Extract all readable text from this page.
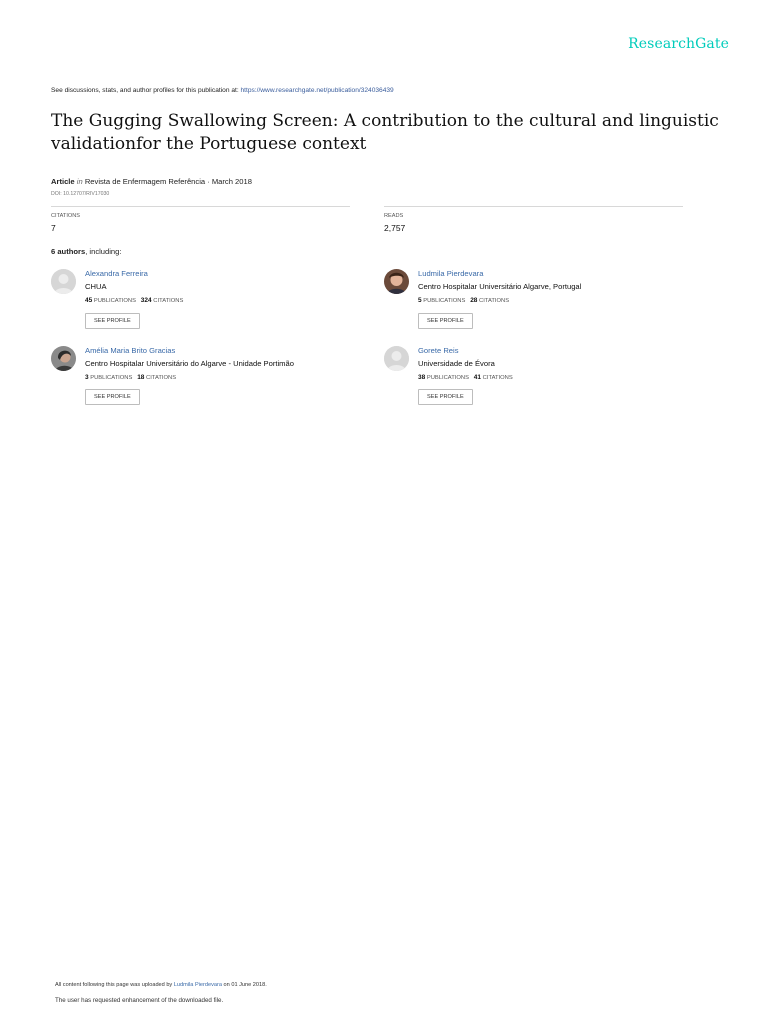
ResearchGate
See discussions, stats, and author profiles for this publication at: https://www.researchgate.net/publication/324036439
The Gugging Swallowing Screen: A contribution to the cultural and linguistic validationfor the Portuguese context
Article in Revista de Enfermagem Referência · March 2018
DOI: 10.12707/RIV17030
CITATIONS
7
READS
2,757
6 authors, including:
Alexandra Ferreira
CHUA
45 PUBLICATIONS 324 CITATIONS
SEE PROFILE
Ludmila Pierdevara
Centro Hospitalar Universitário Algarve, Portugal
5 PUBLICATIONS 28 CITATIONS
SEE PROFILE
Amélia Maria Brito Gracias
Centro Hospitalar Universitário do Algarve - Unidade Portimão
3 PUBLICATIONS 18 CITATIONS
SEE PROFILE
Gorete Reis
Universidade de Évora
38 PUBLICATIONS 41 CITATIONS
SEE PROFILE
All content following this page was uploaded by Ludmila Pierdevara on 01 June 2018.
The user has requested enhancement of the downloaded file.
